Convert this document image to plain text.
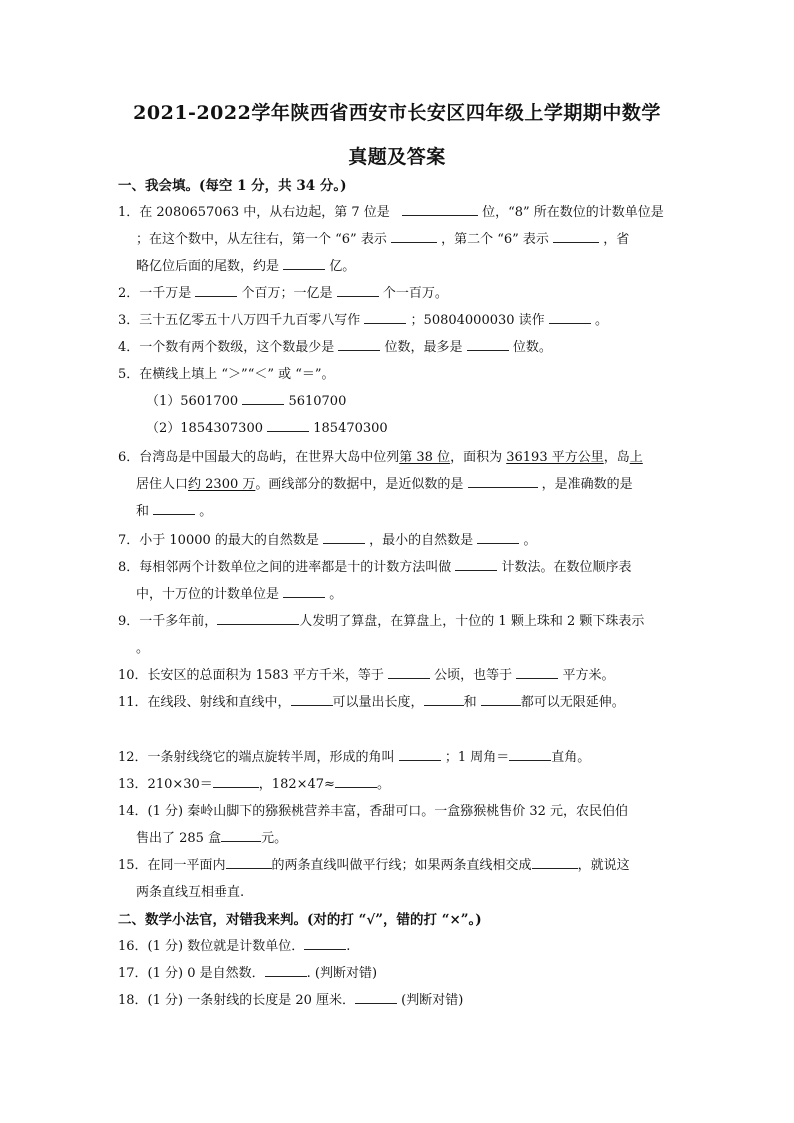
2021-2022学年陕西省西安市长安区四年级上学期期中数学
真题及答案
一、我会填。(每空 1 分，共 34 分。)
1．在 2080657063 中，从右边起，第 7 位是	位，“8” 所在数位的计数单位是
；在这个数中，从左往右，第一个 “6” 表示	，第二个 “6” 表示	，省
略亿位后面的尾数，约是	亿。
2．一千万是	个百万；一亿是	个一百万。
3．三十五亿零五十八万四千九百零八写作	；50804000030 读作	。
4．一个数有两个数级，这个数最少是	位数，最多是	位数。
5．在横线上填上 “＞”“＜” 或 “＝”。
（1）5601700	5610700
（2）1854307300	185470300
6．台湾岛是中国最大的岛屿，在世界大岛中位列第 38 位，面积为 36193 平方公里，岛上
居住人口约 2300 万。画线部分的数据中，是近似数的是	，是准确数的是
和	。
7．小于 10000 的最大的自然数是	，最小的自然数是	。
8．每相邻两个计数单位之间的进率都是十的计数方法叫做	计数法。在数位顺序表
中，十万位的计数单位是	。
9．一千多年前，	人发明了算盘，在算盘上，十位的 1 颗上珠和 2 颗下珠表示
。
10．长安区的总面积为 1583 平方千米，等于	公顷，也等于	平方米。
11．在线段、射线和直线中，	可以量出长度，	和	都可以无限延伸。
12．一条射线绕它的端点旋转半周，形成的角叫	；1 周角＝	直角。
13．210×30＝	，182×47≈	。
14．(1 分) 秦岭山脚下的猕猴桃营养丰富，香甜可口。一盒猕猴桃售价 32 元，农民伯伯
售出了 285 盒	元。
15．在同一平面内	的两条直线叫做平行线；如果两条直线相交成	，就说这
两条直线互相垂直.
二、数学小法官，对错我来判。(对的打 “√”，错的打 “×”。)
16．(1 分) 数位就是计数单位．	.
17．(1 分) 0 是自然数．	. (判断对错)
18．(1 分) 一条射线的长度是 20 厘米．	(判断对错)
